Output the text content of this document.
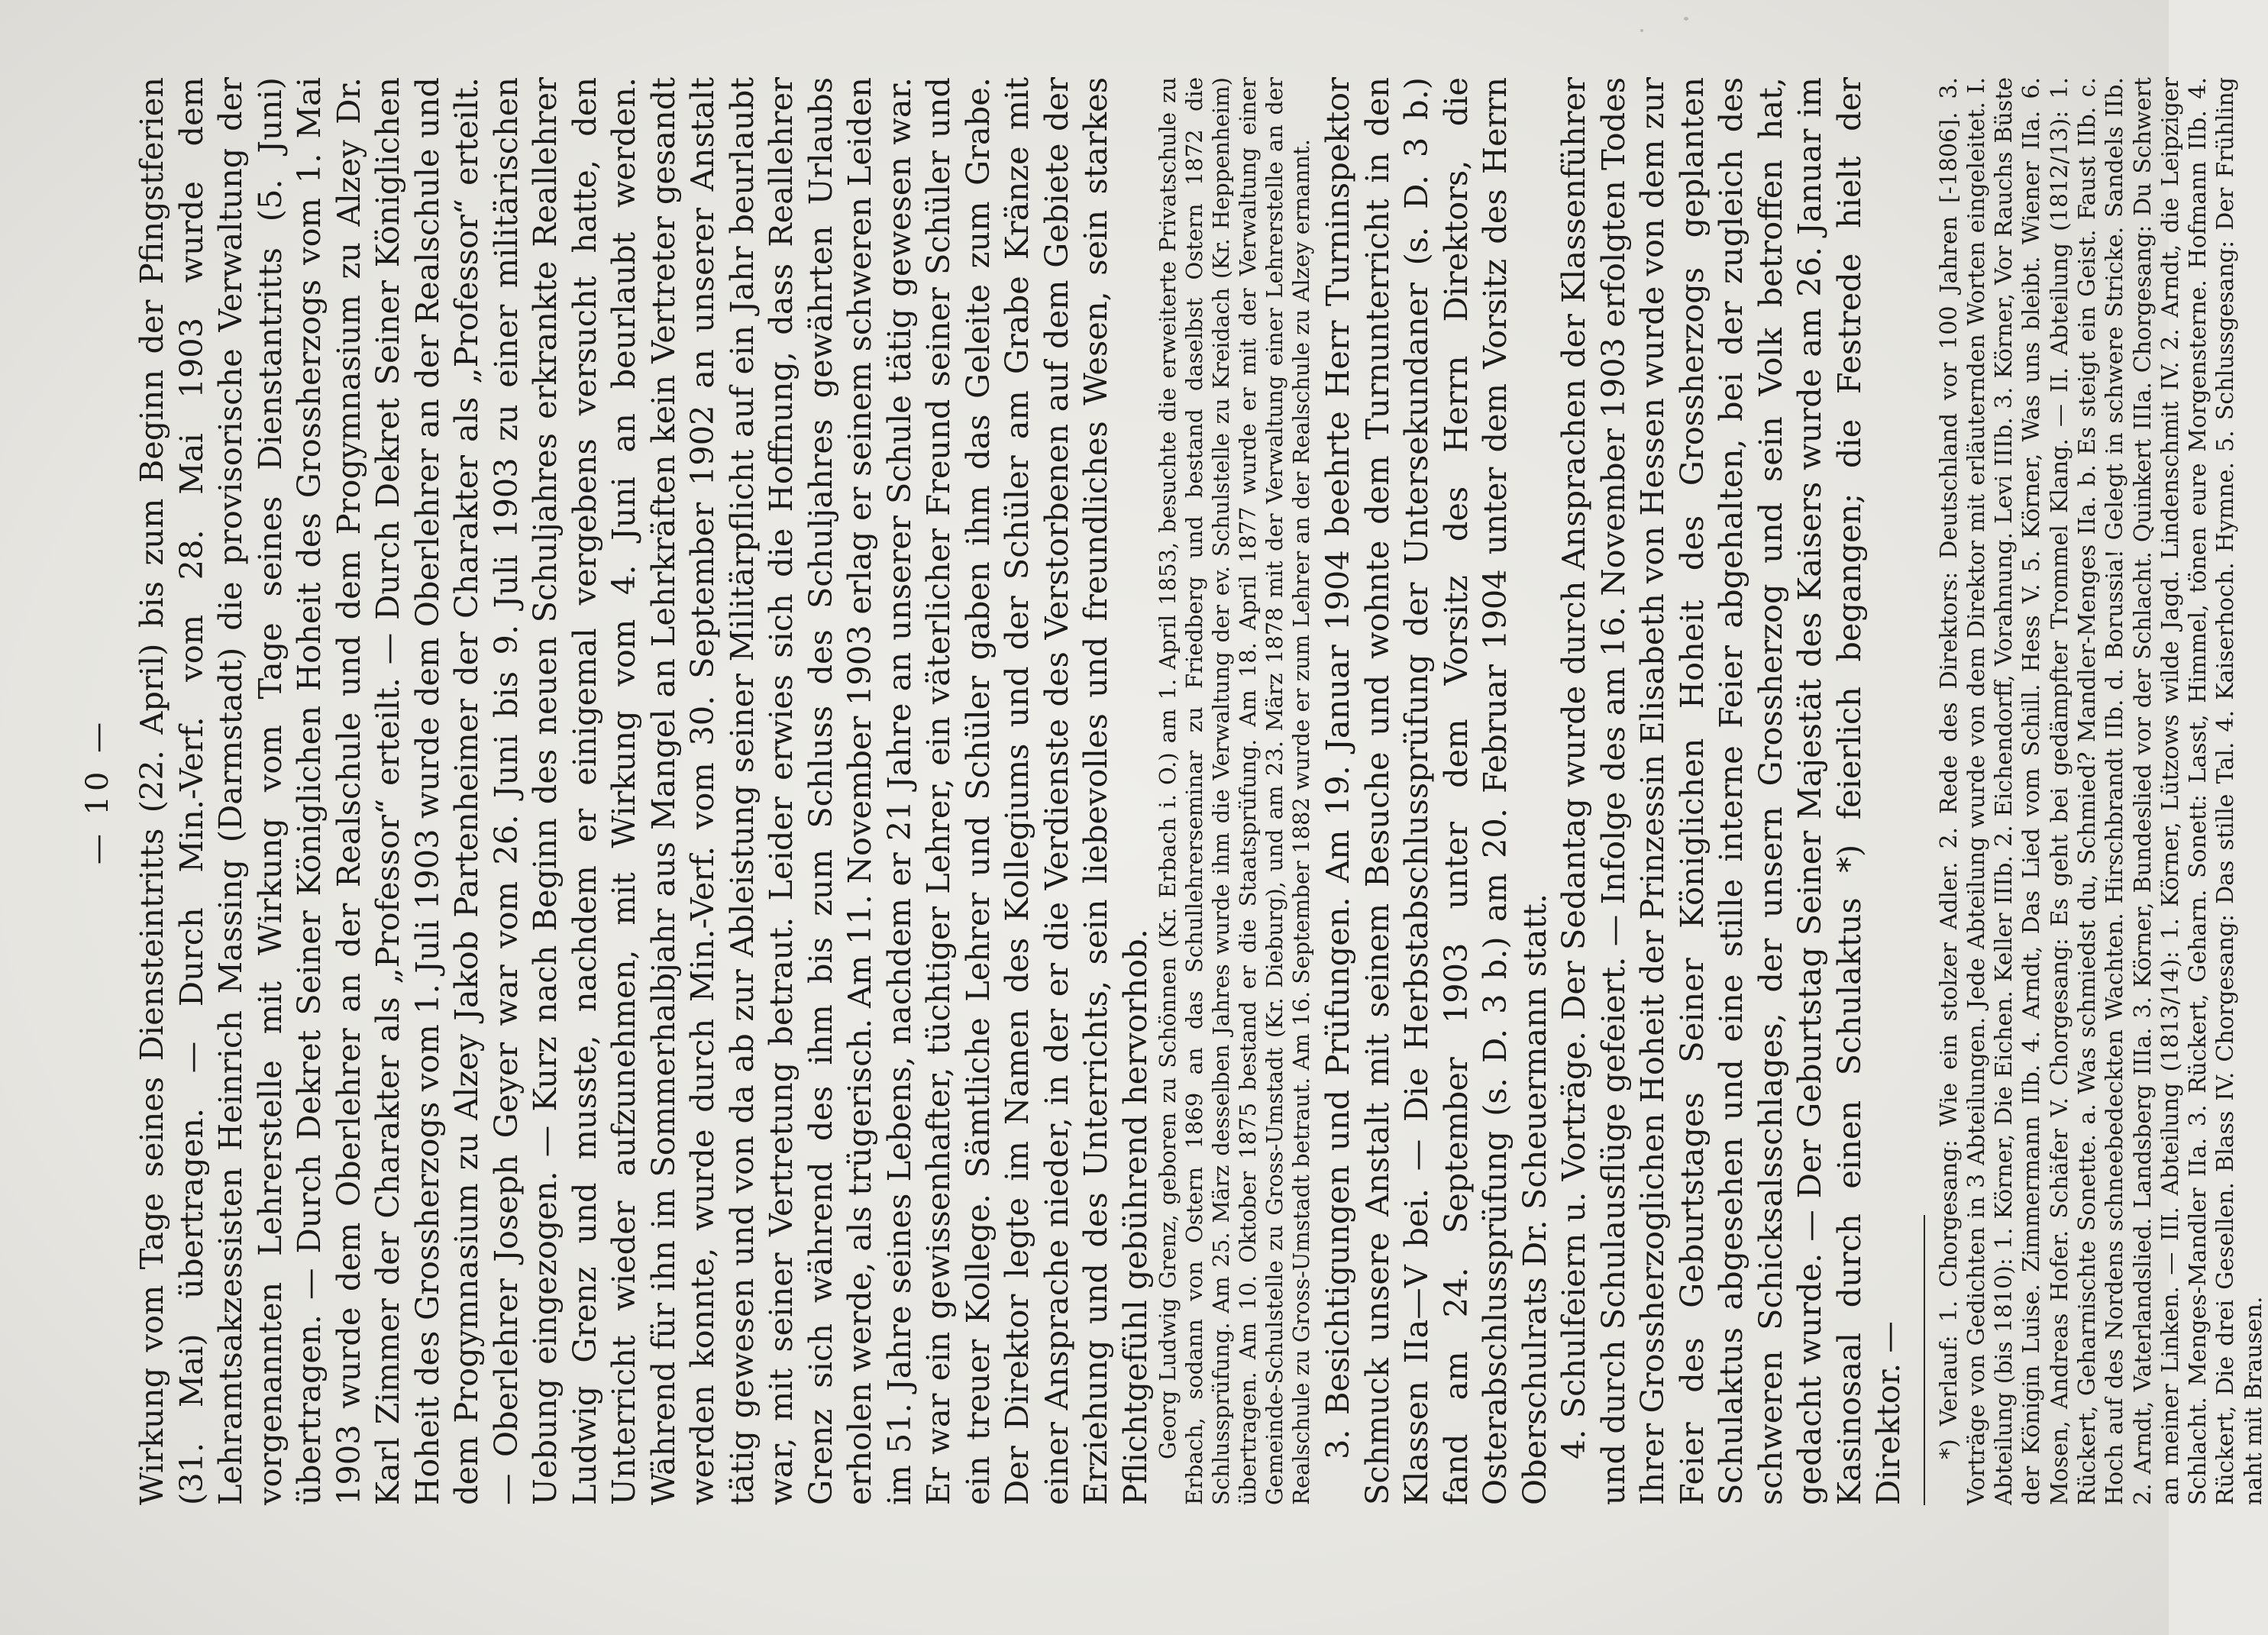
— 10 — Wirkung vom Tage seines Diensteintritts (22. April) bis zum Beginn der Pfingstferien (31. Mai) übertragen. — Durch Min.-Verf. vom 28. Mai 1903 wurde dem Lehramtsakzessisten Heinrich Massing (Darmstadt) die provisorische Verwaltung der vorgenannten Lehrerstelle mit Wirkung vom Tage seines Dienstantritts (5. Juni) übertragen. — Durch Dekret Seiner Königlichen Hoheit des Grossherzogs vom 1. Mai 1903 wurde dem Oberlehrer an der Realschule und dem Progymnasium zu Alzey Dr. Karl Zimmer der Charakter als „Professor“ erteilt. — Durch Dekret Seiner Königlichen Hoheit des Grossherzogs vom 1. Juli 1903 wurde dem Oberlehrer an der Realschule und dem Progymnasium zu Alzey Jakob Partenheimer der Charakter als „Professor“ erteilt. — Oberlehrer Joseph Geyer war vom 26. Juni bis 9. Juli 1903 zu einer militärischen Uebung eingezogen. — Kurz nach Beginn des neuen Schuljahres erkrankte Reallehrer Ludwig Grenz und musste, nachdem er einigemal vergebens versucht hatte, den Unterricht wieder aufzunehmen, mit Wirkung vom 4. Juni an beurlaubt werden. Während für ihn im Sommerhalbjahr aus Mangel an Lehrkräften kein Vertreter gesandt werden konnte, wurde durch Min.-Verf. vom 30. September 1902 an unserer Anstalt tätig gewesen und von da ab zur Ableistung seiner Militärpflicht auf ein Jahr beurlaubt war, mit seiner Vertretung betraut. Leider erwies sich die Hoffnung, dass Reallehrer Grenz sich während des ihm bis zum Schluss des Schuljahres gewährten Urlaubs erholen werde, als trügerisch. Am 11. November 1903 erlag er seinem schweren Leiden im 51. Jahre seines Lebens, nachdem er 21 Jahre an unserer Schule tätig gewesen war. Er war ein gewissenhafter, tüchtiger Lehrer, ein väterlicher Freund seiner Schüler und ein treuer Kollege. Sämtliche Lehrer und Schüler gaben ihm das Geleite zum Grabe. Der Direktor legte im Namen des Kollegiums und der Schüler am Grabe Kränze mit einer Ansprache nieder, in der er die Verdienste des Verstorbenen auf dem Gebiete der Erziehung und des Unterrichts, sein liebevolles und freundliches Wesen, sein starkes Pflichtgefühl gebührend hervorhob. Georg Ludwig Grenz, geboren zu Schönnen (Kr. Erbach i. O.) am 1. April 1853, besuchte die erweiterte Privatschule zu Erbach, sodann von Ostern 1869 an das Schullehrerseminar zu Friedberg und bestand daselbst Ostern 1872 die Schlussprüfung. Am 25. März desselben Jahres wurde ihm die Verwaltung der ev. Schulstelle zu Kreidach (Kr. Heppenheim) übertragen. Am 10. Oktober 1875 bestand er die Staatsprüfung. Am 18. April 1877 wurde er mit der Verwaltung einer Gemeinde-Schulstelle zu Gross-Umstadt (Kr. Dieburg), und am 23. März 1878 mit der Verwaltung einer Lehrerstelle an der Realschule zu Gross-Umstadt betraut. Am 16. September 1882 wurde er zum Lehrer an der Realschule zu Alzey ernannt. 3. Besichtigungen und Prüfungen. Am 19. Januar 1904 beehrte Herr Turninspektor Schmuck unsere Anstalt mit seinem Besuche und wohnte dem Turnunterricht in den Klassen IIa—V bei. — Die Herbstabschlussprüfung der Untersekundaner (s. D. 3 b.) fand am 24. September 1903 unter dem Vorsitz des Herrn Direktors, die Osterabschlussprüfung (s. D. 3 b.) am 20. Februar 1904 unter dem Vorsitz des Herrn Oberschulrats Dr. Scheuermann statt. 4. Schulfeiern u. Vorträge. Der Sedantag wurde durch Ansprachen der Klassenführer und durch Schulausflüge gefeiert. — Infolge des am 16. November 1903 erfolgten Todes Ihrer Grossherzoglichen Hoheit der Prinzessin Elisabeth von Hessen wurde von dem zur Feier des Geburtstages Seiner Königlichen Hoheit des Grossherzogs geplanten Schulaktus abgesehen und eine stille interne Feier abgehalten, bei der zugleich des schweren Schicksalsschlages, der unsern Grossherzog und sein Volk betroffen hat, gedacht wurde. — Der Geburtstag Seiner Majestät des Kaisers wurde am 26. Januar im Kasinosaal durch einen Schulaktus *) feierlich begangen; die Festrede hielt der Direktor. — *) Verlauf: 1. Chorgesang: Wie ein stolzer Adler. 2. Rede des Direktors: Deutschland vor 100 Jahren [-1806]. 3. Vorträge von Gedichten in 3 Abteilungen. Jede Abteilung wurde von dem Direktor mit erläuternden Worten eingeleitet. I. Abteilung (bis 1810): 1. Körner, Die Eichen. Keller IIIb. 2. Eichendorff, Vorahnung. Levi IIIb. 3. Körner, Vor Rauchs Büste der Königin Luise. Zimmermann IIb. 4. Arndt, Das Lied vom Schill. Hess V. 5. Körner, Was uns bleibt. Wiener IIa. 6. Mosen, Andreas Hofer. Schäfer V. Chorgesang: Es geht bei gedämpfter Trommel Klang. — II. Abteilung (1812/13): 1. Rückert, Geharnischte Sonette. a. Was schmiedst du, Schmied? Mandler-Menges IIa. b. Es steigt ein Geist. Faust IIb. c. Hoch auf des Nordens schneebedeckten Wachten. Hirschbrandt IIb. d. Borussia! Gelegt in schwere Stricke. Sandels IIb. 2. Arndt, Vaterlandslied. Landsberg IIIa. 3. Körner, Bundeslied vor der Schlacht. Quinkert IIIa. Chorgesang: Du Schwert an meiner Linken. — III. Abteilung (1813/14): 1. Körner, Lützows wilde Jagd. Lindenschmit IV. 2. Arndt, die Leipziger Schlacht. Menges-Mandler IIa. 3. Rückert, Geharn. Sonett: Lasst, Himmel, tönen eure Morgensterne. Hofmann IIb. 4. Rückert, Die drei Gesellen. Blass IV. Chorgesang: Das stille Tal. 4. Kaiserhoch. Hymne. 5. Schlussgesang: Der Frühling naht mit Brausen.
